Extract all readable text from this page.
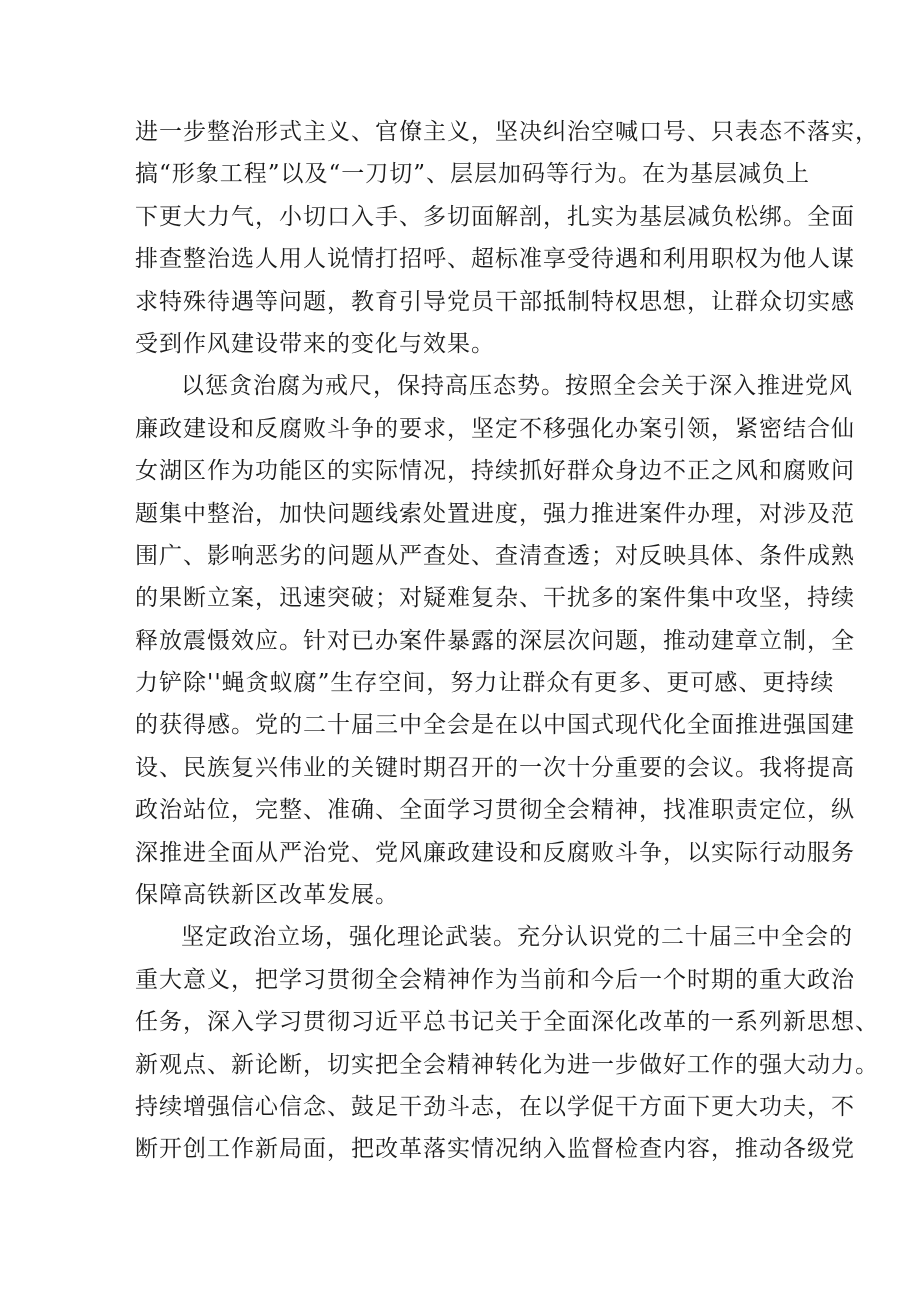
进一步整治形式主义、官僚主义，坚决纠治空喊口号、只表态不落实，
搞“形象工程”以及“一刀切”、层层加码等行为。在为基层减负上
下更大力气，小切口入手、多切面解剖，扎实为基层减负松绑。全面
排查整治选人用人说情打招呼、超标准享受待遇和利用职权为他人谋
求特殊待遇等问题，教育引导党员干部抵制特权思想，让群众切实感
受到作风建设带来的变化与效果。
以惩贪治腐为戒尺，保持高压态势。按照全会关于深入推进党风
廉政建设和反腐败斗争的要求，坚定不移强化办案引领，紧密结合仙
女湖区作为功能区的实际情况，持续抓好群众身边不正之风和腐败问
题集中整治，加快问题线索处置进度，强力推进案件办理，对涉及范
围广、影响恶劣的问题从严查处、查清查透；对反映具体、条件成熟
的果断立案，迅速突破；对疑难复杂、干扰多的案件集中攻坚，持续
释放震慑效应。针对已办案件暴露的深层次问题，推动建章立制，全
力铲除''蝇贪蚁腐”生存空间，努力让群众有更多、更可感、更持续
的获得感。党的二十届三中全会是在以中国式现代化全面推进强国建
设、民族复兴伟业的关键时期召开的一次十分重要的会议。我将提高
政治站位，完整、准确、全面学习贯彻全会精神，找准职责定位，纵
深推进全面从严治党、党风廉政建设和反腐败斗争，以实际行动服务
保障高铁新区改革发展。
坚定政治立场，强化理论武装。充分认识党的二十届三中全会的
重大意义，把学习贯彻全会精神作为当前和今后一个时期的重大政治
任务，深入学习贯彻习近平总书记关于全面深化改革的一系列新思想、
新观点、新论断，切实把全会精神转化为进一步做好工作的强大动力。
持续增强信心信念、鼓足干劲斗志，在以学促干方面下更大功夫，不
断开创工作新局面，把改革落实情况纳入监督检查内容，推动各级党
